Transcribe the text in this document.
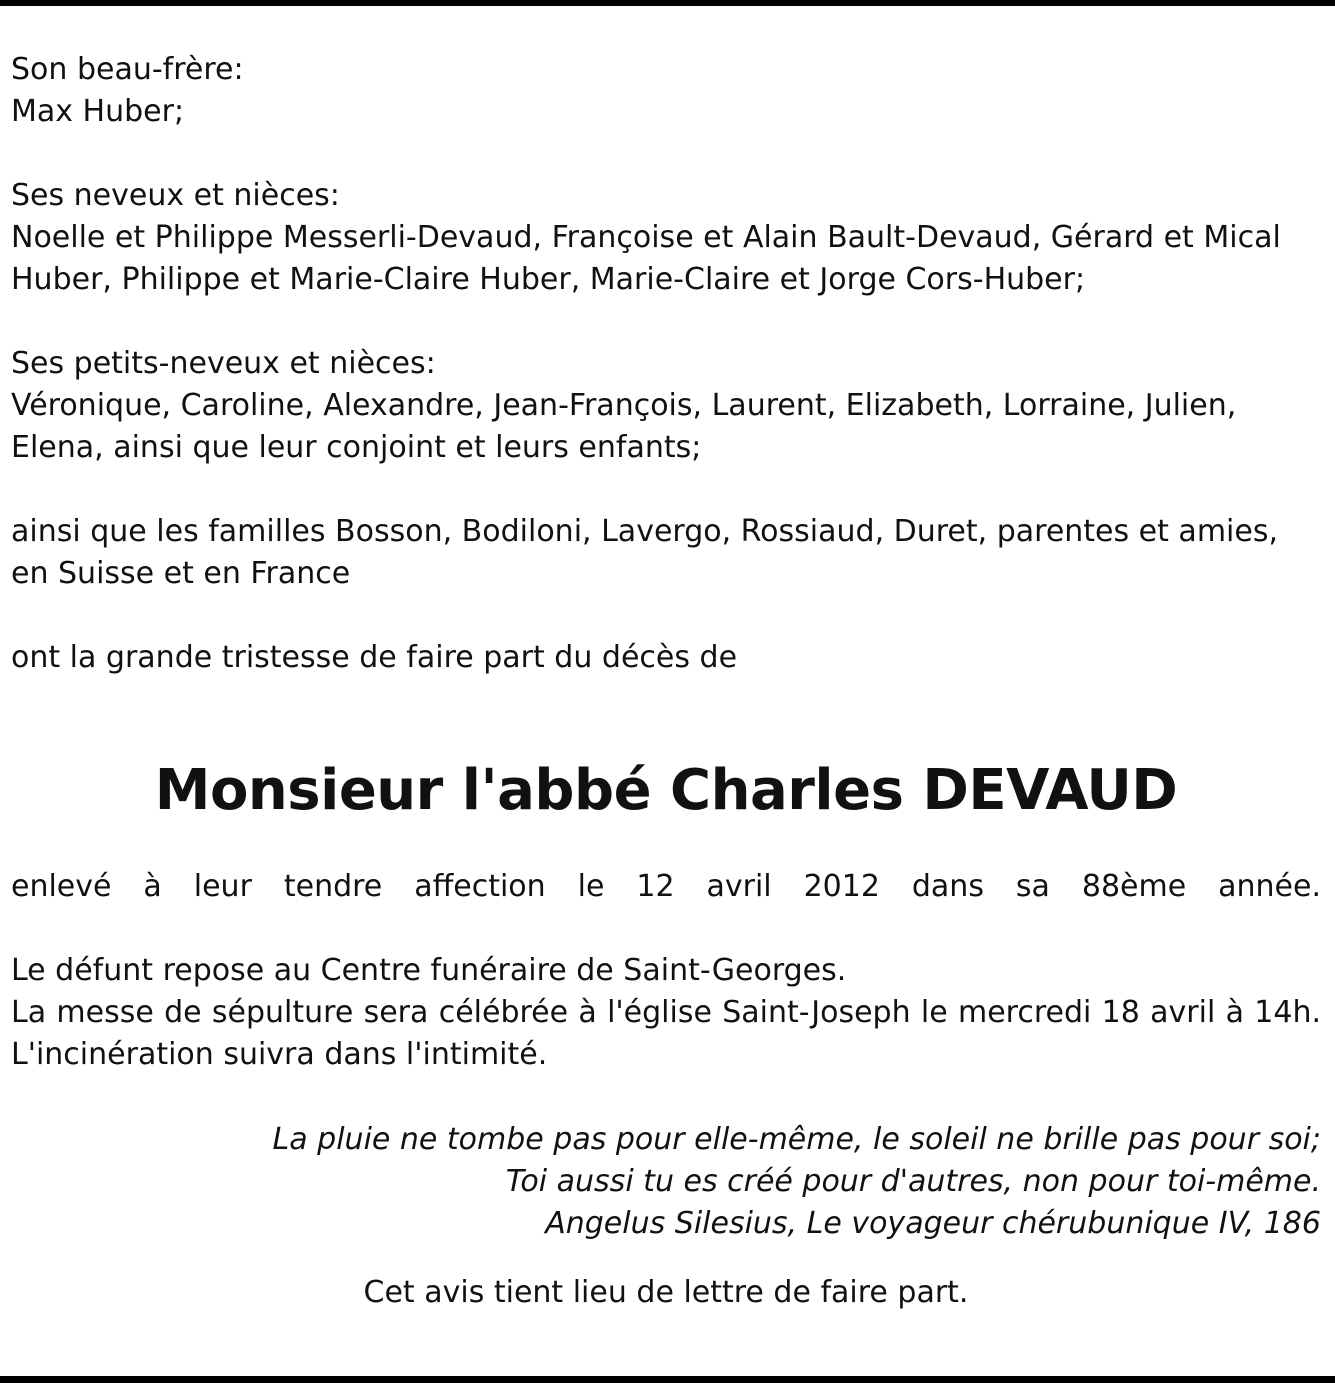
Son beau-frère:

Max Huber;

Ses neveux et nièces:

Noelle et Philippe Messerli-Devaud, Françoise et Alain Bault-Devaud, Gérard et Mical Huber, Philippe et Marie-Claire Huber, Marie-Claire et Jorge Cors-Huber;

Ses petits-neveux et nièces:

Véronique, Caroline, Alexandre, Jean-François, Laurent, Elizabeth, Lorraine, Julien, Elena, ainsi que leur conjoint et leurs enfants;

ainsi que les familles Bosson, Bodiloni, Lavergo, Rossiaud, Duret, parentes et amies, en Suisse et en France

ont la grande tristesse de faire part du décès de

Monsieur l'abbé Charles DEVAUD
enlevé à leur tendre affection le 12 avril 2012 dans sa 88ème année.

Le défunt repose au Centre funéraire de Saint-Georges.

La messe de sépulture sera célébrée à l'église Saint-Joseph le mercredi 18 avril à 14h. L'incinération suivra dans l'intimité.

La pluie ne tombe pas pour elle-même, le soleil ne brille pas pour soi;

Toi aussi tu es créé pour d'autres, non pour toi-même.

Angelus Silesius, Le voyageur chérubunique IV, 186

Cet avis tient lieu de lettre de faire part.
